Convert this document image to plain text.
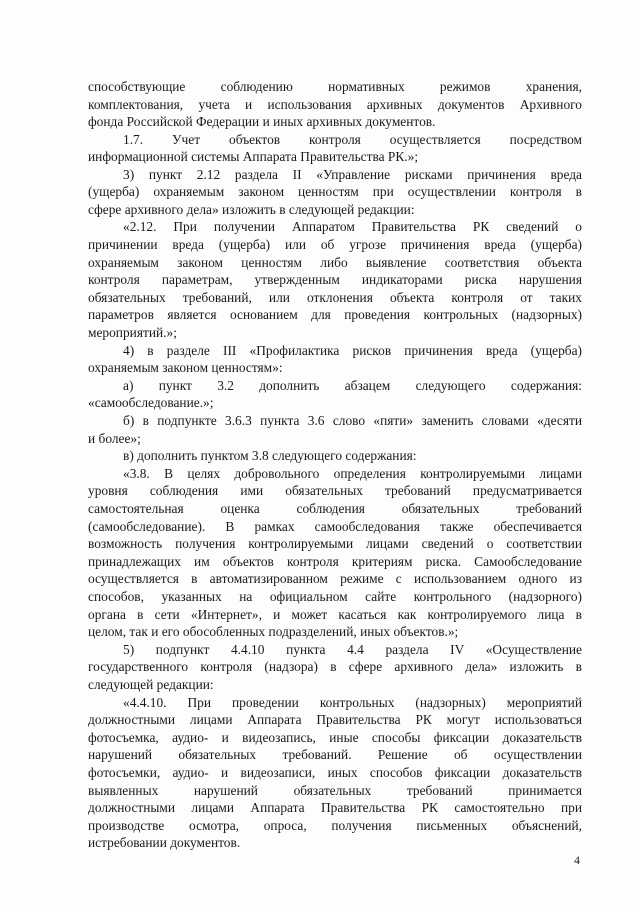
способствующие соблюдению нормативных режимов хранения,
комплектования, учета и использования архивных документов Архивного
фонда Российской Федерации и иных архивных документов.
1.7. Учет объектов контроля осуществляется посредством
информационной системы Аппарата Правительства РК.»;
3) пункт 2.12 раздела II «Управление рисками причинения вреда
(ущерба) охраняемым законом ценностям при осуществлении контроля в
сфере архивного дела» изложить в следующей редакции:
«2.12. При получении Аппаратом Правительства РК сведений о
причинении вреда (ущерба) или об угрозе причинения вреда (ущерба)
охраняемым законом ценностям либо выявление соответствия объекта
контроля параметрам, утвержденным индикаторами риска нарушения
обязательных требований, или отклонения объекта контроля от таких
параметров является основанием для проведения контрольных (надзорных)
мероприятий.»;
4) в разделе III «Профилактика рисков причинения вреда (ущерба)
охраняемым законом ценностям»:
а) пункт 3.2 дополнить абзацем следующего содержания:
«самообследование.»;
б) в подпункте 3.6.3 пункта 3.6 слово «пяти» заменить словами «десяти
и более»;
в) дополнить пунктом 3.8 следующего содержания:
«3.8. В целях добровольного определения контролируемыми лицами
уровня соблюдения ими обязательных требований предусматривается
самостоятельная оценка соблюдения обязательных требований
(самообследование). В рамках самообследования также обеспечивается
возможность получения контролируемыми лицами сведений о соответствии
принадлежащих им объектов контроля критериям риска. Самообследование
осуществляется в автоматизированном режиме с использованием одного из
способов, указанных на официальном сайте контрольного (надзорного)
органа в сети «Интернет», и может касаться как контролируемого лица в
целом, так и его обособленных подразделений, иных объектов.»;
5) подпункт 4.4.10 пункта 4.4 раздела IV «Осуществление
государственного контроля (надзора) в сфере архивного дела» изложить в
следующей редакции:
«4.4.10. При проведении контрольных (надзорных) мероприятий
должностными лицами Аппарата Правительства РК могут использоваться
фотосъемка, аудио- и видеозапись, иные способы фиксации доказательств
нарушений обязательных требований. Решение об осуществлении
фотосъемки, аудио- и видеозаписи, иных способов фиксации доказательств
выявленных нарушений обязательных требований принимается
должностными лицами Аппарата Правительства РК самостоятельно при
производстве осмотра, опроса, получения письменных объяснений,
истребовании документов.
4
